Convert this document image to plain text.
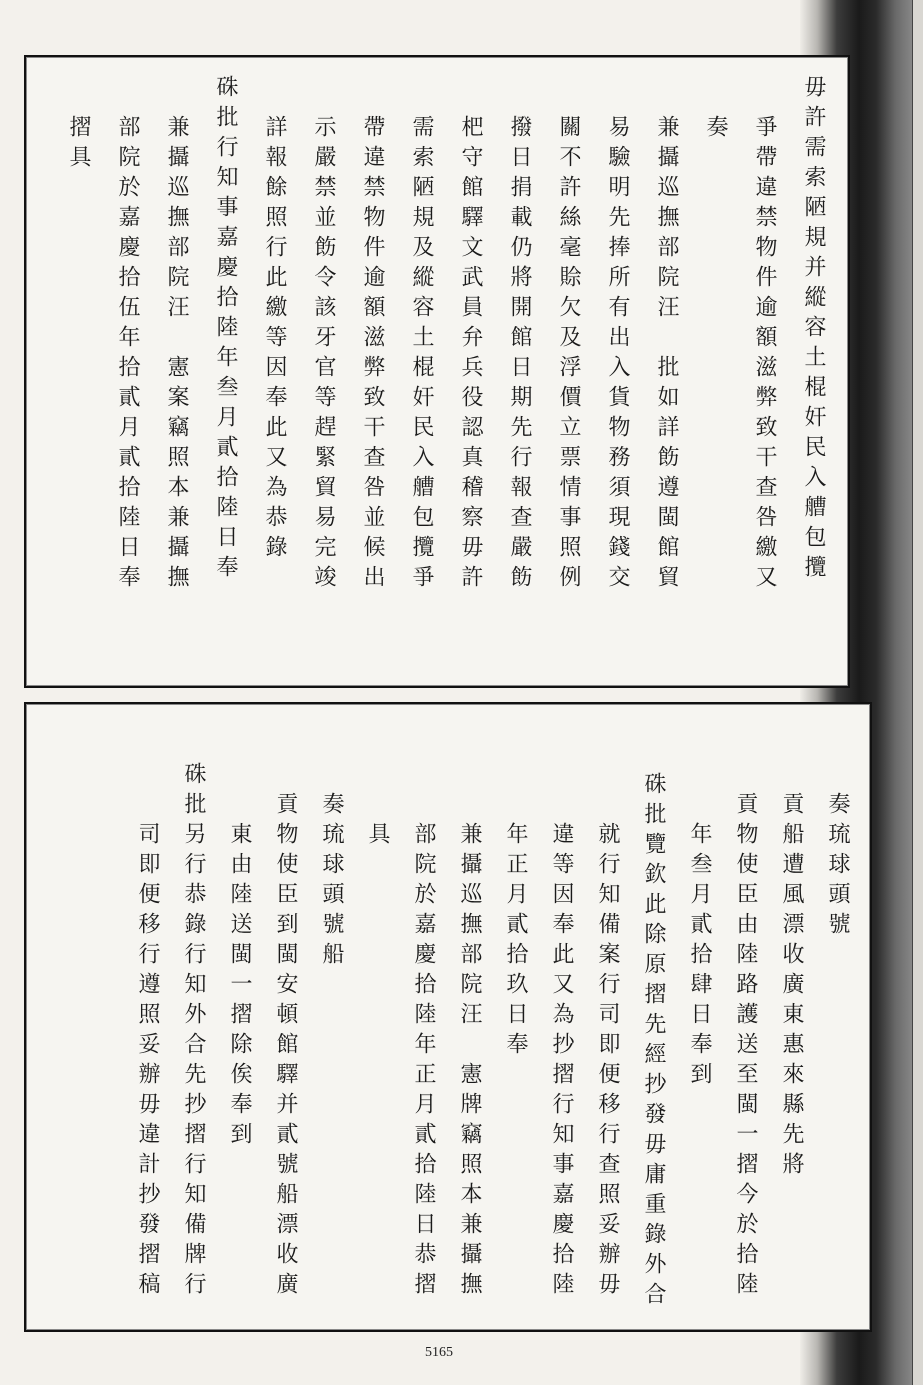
毋許需索陋規并縱容土棍奸民入艚包攬
爭帶違禁物件逾額滋弊致干查咎繳又
奏
兼攝巡撫部院汪　批如詳飭遵閩館貿
易驗明先捧所有出入貨物務須現錢交
關不許絲毫賒欠及浮價立票情事照例
撥日捐載仍將開館日期先行報查嚴飭
杷守館驛文武員弁兵役認真稽察毋許
需索陋規及縱容土棍奸民入艚包攬爭
帶違禁物件逾額滋弊致干查咎並候出
示嚴禁並飭令該牙官等趕緊貿易完竣
詳報餘照行此繳等因奉此又為恭錄
硃批行知事嘉慶拾陸年叁月貳拾陸日奉
兼攝巡撫部院汪　憲案竊照本兼攝撫
部院於嘉慶拾伍年拾貳月貳拾陸日奉
摺具
奏琉球頭號
貢船遭風漂收廣東惠來縣先將
貢物使臣由陸路護送至閩一摺今於拾陸
年叁月貳拾肆日奉到
硃批覽欽此除原摺先經抄發毋庸重錄外合
就行知備案行司即便移行查照妥辦毋
違等因奉此又為抄摺行知事嘉慶拾陸
年正月貳拾玖日奉
兼攝巡撫部院汪　憲牌竊照本兼攝撫
部院於嘉慶拾陸年正月貳拾陸日恭摺
具
奏琉球頭號船
貢物使臣到閩安頓館驛并貳號船漂收廣
東由陸送閩一摺除俟奉到
硃批另行恭錄行知外合先抄摺行知備牌行
司即便移行遵照妥辦毋違計抄發摺稿
5165
